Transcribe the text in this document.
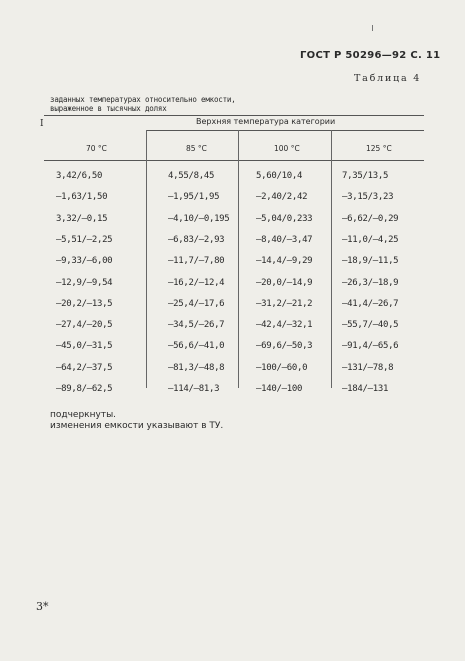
ГОСТ Р 50296—92 С. 11
Таблица 4
заданных температурах относительно емкости,
выраженное в тысячных долях
I	Верхняя температура категории
70 °С	85 °С	100 °С	125 °С
3,42/6,50	4,55/8,45	5,60/10,4	7,35/13,5
—1,63/1,50	—1,95/1,95	—2,40/2,42	—3,15/3,23
3,32/—0,15	—4,10/—0,195	—5,04/0,233	—6,62/—0,29
—5,51/—2,25	—6,83/—2,93	—8,40/—3,47	—11,0/—4,25
—9,33/—6,00	—11,7/—7,80	—14,4/—9,29	—18,9/—11,5
—12,9/—9,54	—16,2/—12,4	—20,0/—14,9	—26,3/—18,9
—20,2/—13,5	—25,4/—17,6	—31,2/—21,2	—41,4/—26,7
—27,4/—20,5	—34,5/—26,7	—42,4/—32,1	—55,7/—40,5
—45,0/—31,5	—56,6/—41,0	—69,6/—50,3	—91,4/—65,6
—64,2/—37,5	—81,3/—48,8	—100/—60,0	—131/—78,8
—89,8/—62,5	—114/—81,3	—140/—100	—184/—131
подчеркнуты.
изменения емкости указывают в ТУ.
3*
